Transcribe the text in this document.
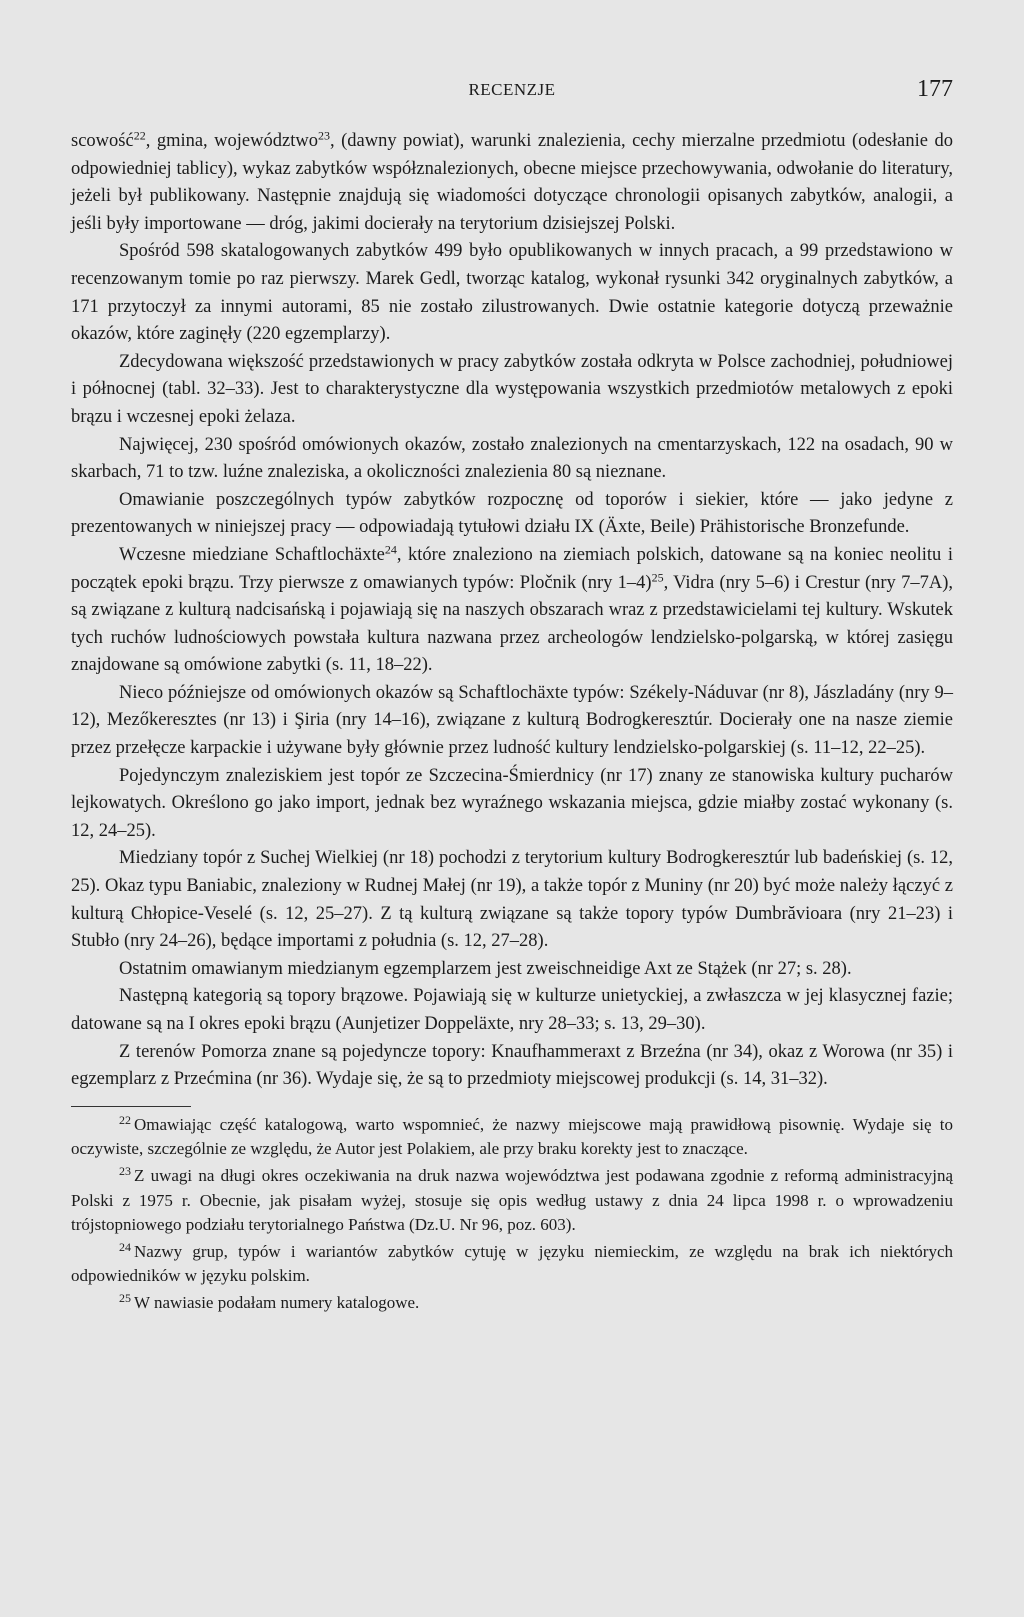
RECENZJE	177

scowość$^{22}$, gmina, województwo$^{23}$, (dawny powiat), warunki znalezienia, cechy mierzalne przedmiotu (odesłanie do odpowiedniej tablicy), wykaz zabytków współznalezionych, obecne miejsce przechowywania, odwołanie do literatury, jeżeli był publikowany. Następnie znajdują się wiadomości dotyczące chronologii opisanych zabytków, analogii, a jeśli były importowane — dróg, jakimi docierały na terytorium dzisiejszej Polski.

Spośród 598 skatalogowanych zabytków 499 było opublikowanych w innych pracach, a 99 przedstawiono w recenzowanym tomie po raz pierwszy. Marek Gedl, tworząc katalog, wykonał rysunki 342 oryginalnych zabytków, a 171 przytoczył za innymi autorami, 85 nie zostało zilustrowanych. Dwie ostatnie kategorie dotyczą przeważnie okazów, które zaginęły (220 egzemplarzy).

Zdecydowana większość przedstawionych w pracy zabytków została odkryta w Polsce zachodniej, południowej i północnej (tabl. 32–33). Jest to charakterystyczne dla występowania wszystkich przedmiotów metalowych z epoki brązu i wczesnej epoki żelaza.

Najwięcej, 230 spośród omówionych okazów, zostało znalezionych na cmentarzyskach, 122 na osadach, 90 w skarbach, 71 to tzw. luźne znaleziska, a okoliczności znalezienia 80 są nieznane.

Omawianie poszczególnych typów zabytków rozpocznę od toporów i siekier, które — jako jedyne z prezentowanych w niniejszej pracy — odpowiadają tytułowi działu IX (Äxte, Beile) Prähistorische Bronzefunde.

Wczesne miedziane Schaftlochäxte$^{24}$, które znaleziono na ziemiach polskich, datowane są na koniec neolitu i początek epoki brązu. Trzy pierwsze z omawianych typów: Pločnik (nry 1–4)$^{25}$, Vidra (nry 5–6) i Crestur (nry 7–7A), są związane z kulturą nadcisańską i pojawiają się na naszych obszarach wraz z przedstawicielami tej kultury. Wskutek tych ruchów ludnościowych powstała kultura nazwana przez archeologów lendzielsko-polgarską, w której zasięgu znajdowane są omówione zabytki (s. 11, 18–22).

Nieco późniejsze od omówionych okazów są Schaftlochäxte typów: Székely-Náduvar (nr 8), Jászladány (nry 9–12), Mezőkeresztes (nr 13) i Şiria (nry 14–16), związane z kulturą Bodrogkeresztúr. Docierały one na nasze ziemie przez przełęcze karpackie i używane były głównie przez ludność kultury lendzielsko-polgarskiej (s. 11–12, 22–25).

Pojedynczym znaleziskiem jest topór ze Szczecina-Śmierdnicy (nr 17) znany ze stanowiska kultury pucharów lejkowatych. Określono go jako import, jednak bez wyraźnego wskazania miejsca, gdzie miałby zostać wykonany (s. 12, 24–25).

Miedziany topór z Suchej Wielkiej (nr 18) pochodzi z terytorium kultury Bodrogkeresztúr lub badeńskiej (s. 12, 25). Okaz typu Baniabic, znaleziony w Rudnej Małej (nr 19), a także topór z Muniny (nr 20) być może należy łączyć z kulturą Chłopice-Veselé (s. 12, 25–27). Z tą kulturą związane są także topory typów Dumbrăvioara (nry 21–23) i Stubło (nry 24–26), będące importami z południa (s. 12, 27–28).

Ostatnim omawianym miedzianym egzemplarzem jest zweischneidige Axt ze Stążek (nr 27; s. 28).

Następną kategorią są topory brązowe. Pojawiają się w kulturze unietyckiej, a zwłaszcza w jej klasycznej fazie; datowane są na I okres epoki brązu (Aunjetizer Doppeläxte, nry 28–33; s. 13, 29–30).

Z terenów Pomorza znane są pojedyncze topory: Knaufhammeraxt z Brzeźna (nr 34), okaz z Worowa (nr 35) i egzemplarz z Przećmina (nr 36). Wydaje się, że są to przedmioty miejscowej produkcji (s. 14, 31–32).

$^{22}$ Omawiając część katalogową, warto wspomnieć, że nazwy miejscowe mają prawidłową pisownię. Wydaje się to oczywiste, szczególnie ze względu, że Autor jest Polakiem, ale przy braku korekty jest to znaczące.

$^{23}$ Z uwagi na długi okres oczekiwania na druk nazwa województwa jest podawana zgodnie z reformą administracyjną Polski z 1975 r. Obecnie, jak pisałam wyżej, stosuje się opis według ustawy z dnia 24 lipca 1998 r. o wprowadzeniu trójstopniowego podziału terytorialnego Państwa (Dz.U. Nr 96, poz. 603).

$^{24}$ Nazwy grup, typów i wariantów zabytków cytuję w języku niemieckim, ze względu na brak ich niektórych odpowiedników w języku polskim.

$^{25}$ W nawiasie podałam numery katalogowe.
